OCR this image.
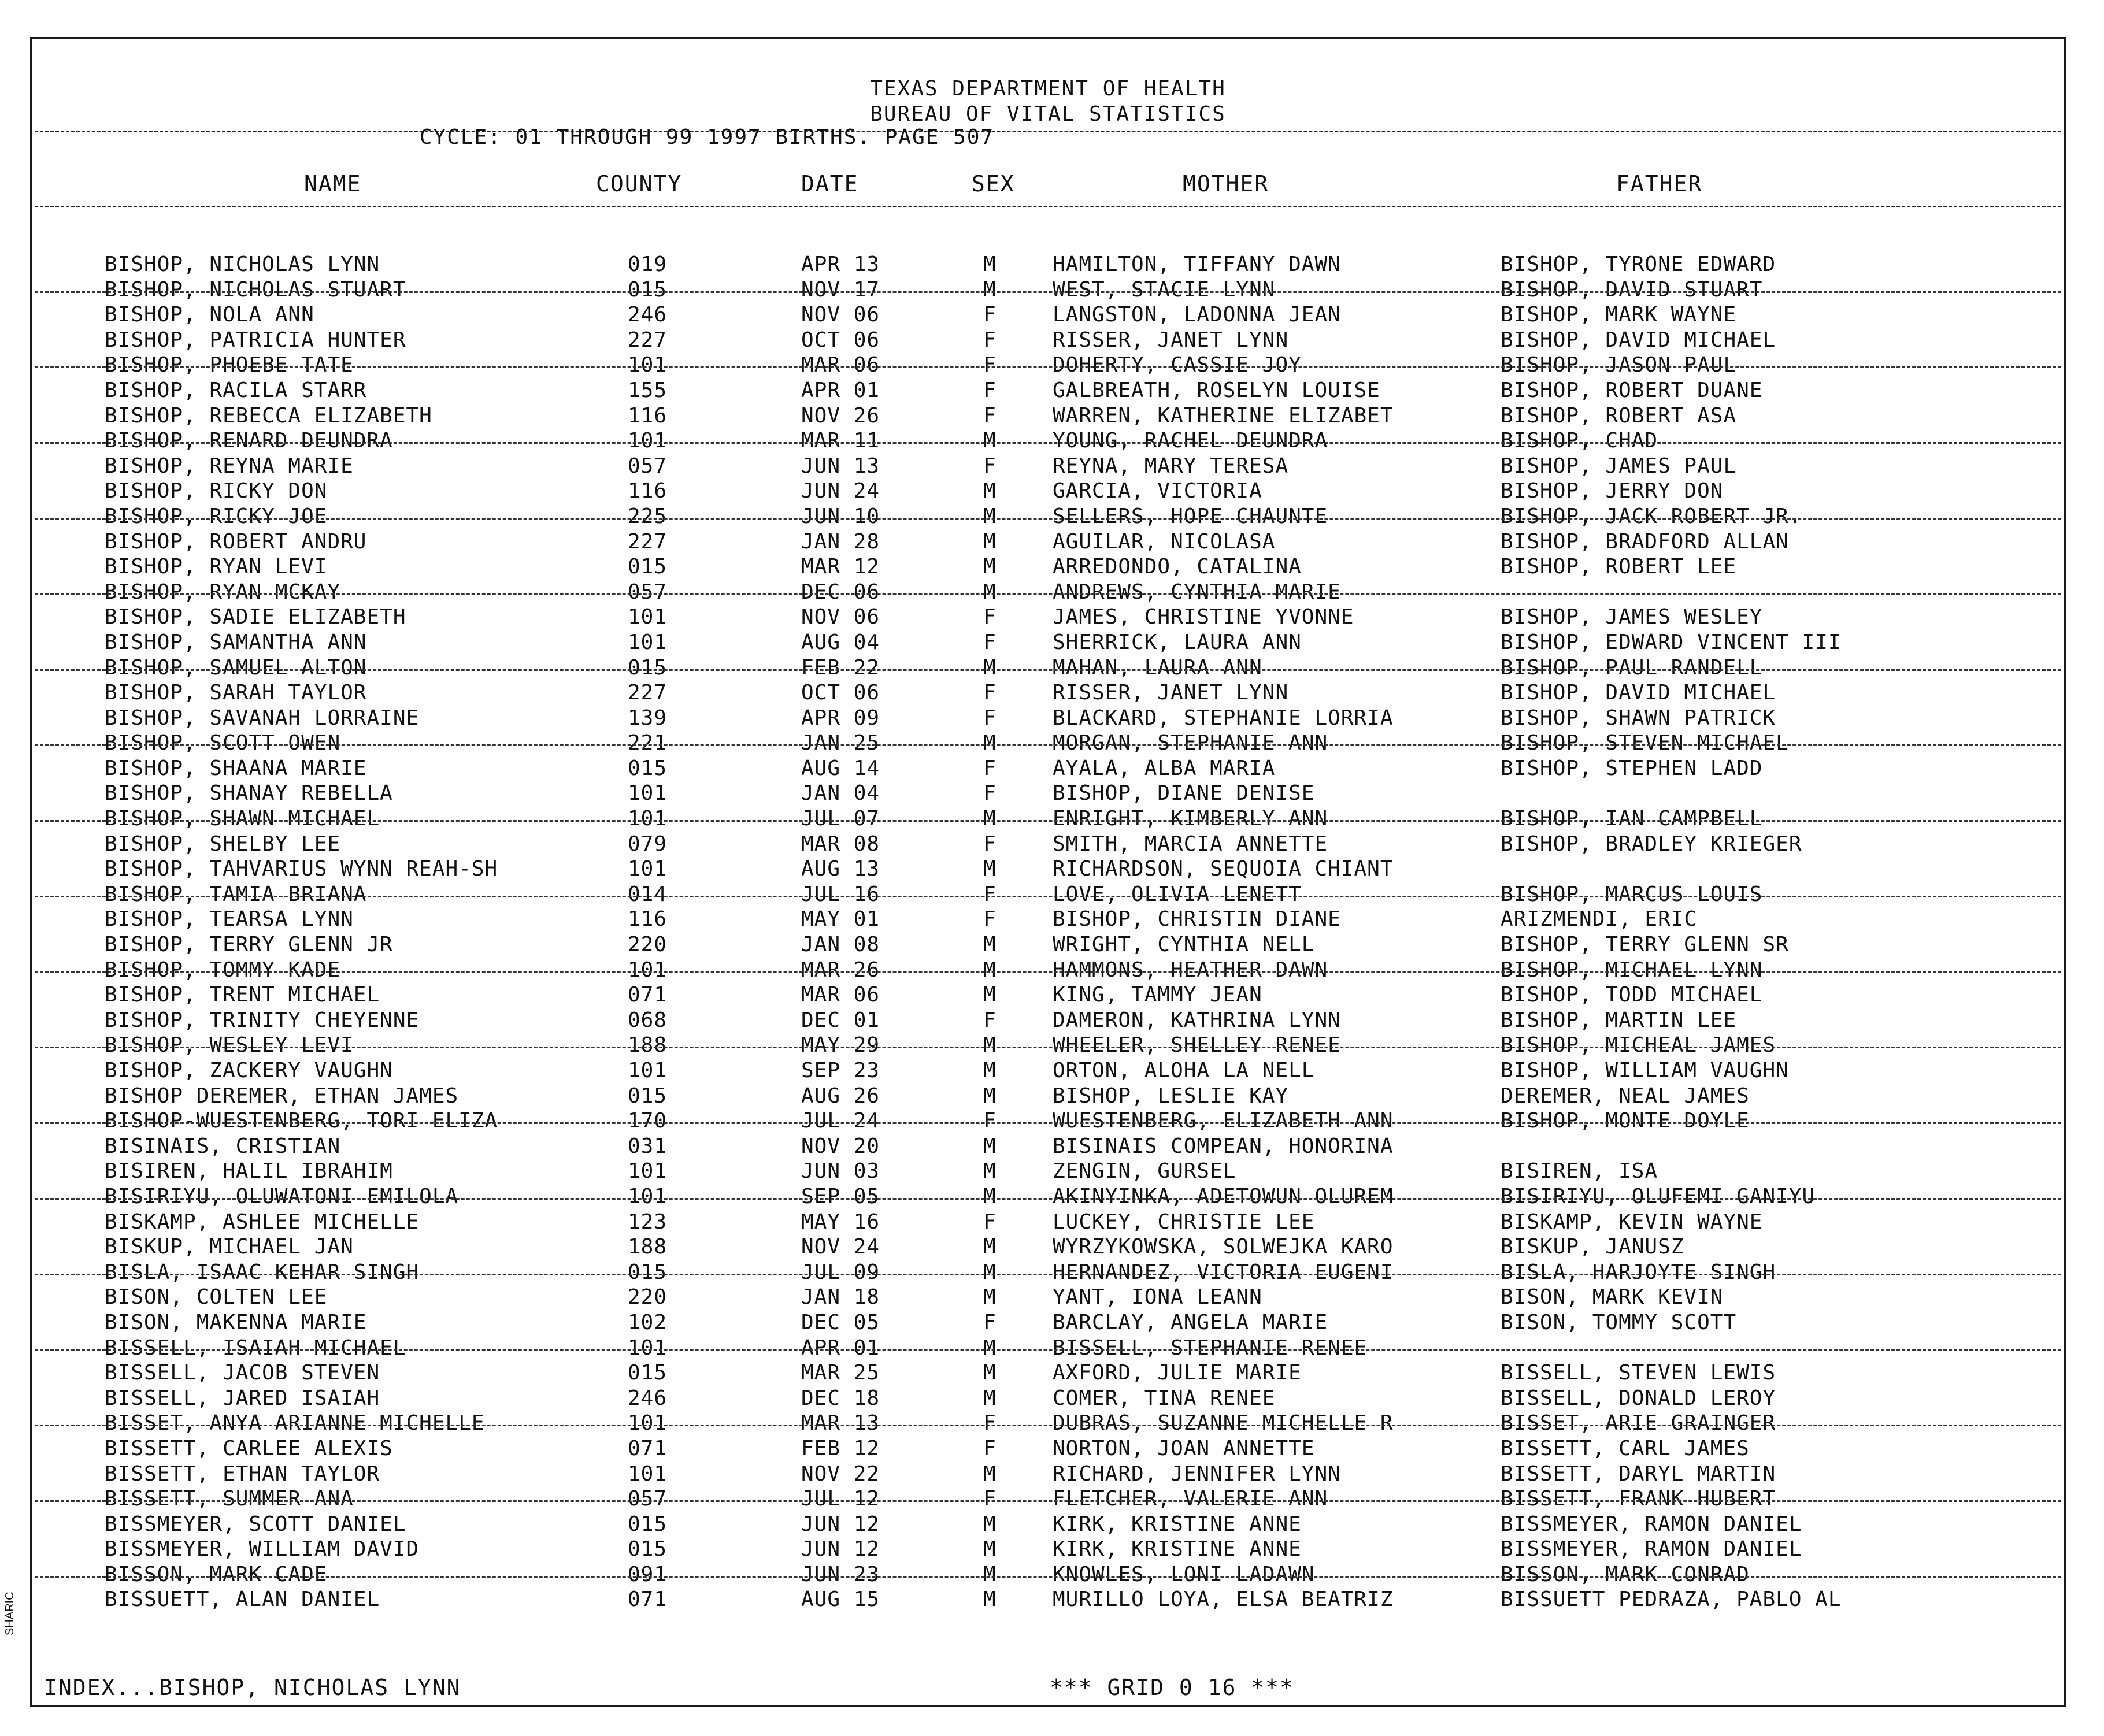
TEXAS DEPARTMENT OF HEALTH
BUREAU OF VITAL STATISTICS
CYCLE: 01 THROUGH 99 1997 BIRTHS. PAGE 507
NAME	COUNTY	DATE	SEX	MOTHER	FATHER
BISHOP, NICHOLAS LYNN	019	APR 13	M	HAMILTON, TIFFANY DAWN	BISHOP, TYRONE EDWARD
BISHOP, NICHOLAS STUART	015	NOV 17	M	WEST, STACIE LYNN	BISHOP, DAVID STUART
BISHOP, NOLA ANN	246	NOV 06	F	LANGSTON, LADONNA JEAN	BISHOP, MARK WAYNE
BISHOP, PATRICIA HUNTER	227	OCT 06	F	RISSER, JANET LYNN	BISHOP, DAVID MICHAEL
BISHOP, PHOEBE TATE	101	MAR 06	F	DOHERTY, CASSIE JOY	BISHOP, JASON PAUL
BISHOP, RACILA STARR	155	APR 01	F	GALBREATH, ROSELYN LOUISE	BISHOP, ROBERT DUANE
BISHOP, REBECCA ELIZABETH	116	NOV 26	F	WARREN, KATHERINE ELIZABET	BISHOP, ROBERT ASA
BISHOP, RENARD DEUNDRA	101	MAR 11	M	YOUNG, RACHEL DEUNDRA	BISHOP, CHAD
BISHOP, REYNA MARIE	057	JUN 13	F	REYNA, MARY TERESA	BISHOP, JAMES PAUL
BISHOP, RICKY DON	116	JUN 24	M	GARCIA, VICTORIA	BISHOP, JERRY DON
BISHOP, RICKY JOE	225	JUN 10	M	SELLERS, HOPE CHAUNTE	BISHOP, JACK ROBERT JR.
BISHOP, ROBERT ANDRU	227	JAN 28	M	AGUILAR, NICOLASA	BISHOP, BRADFORD ALLAN
BISHOP, RYAN LEVI	015	MAR 12	M	ARREDONDO, CATALINA	BISHOP, ROBERT LEE
BISHOP, RYAN MCKAY	057	DEC 06	M	ANDREWS, CYNTHIA MARIE
BISHOP, SADIE ELIZABETH	101	NOV 06	F	JAMES, CHRISTINE YVONNE	BISHOP, JAMES WESLEY
BISHOP, SAMANTHA ANN	101	AUG 04	F	SHERRICK, LAURA ANN	BISHOP, EDWARD VINCENT III
BISHOP, SAMUEL ALTON	015	FEB 22	M	MAHAN, LAURA ANN	BISHOP, PAUL RANDELL
BISHOP, SARAH TAYLOR	227	OCT 06	F	RISSER, JANET LYNN	BISHOP, DAVID MICHAEL
BISHOP, SAVANAH LORRAINE	139	APR 09	F	BLACKARD, STEPHANIE LORRIA	BISHOP, SHAWN PATRICK
BISHOP, SCOTT OWEN	221	JAN 25	M	MORGAN, STEPHANIE ANN	BISHOP, STEVEN MICHAEL
BISHOP, SHAANA MARIE	015	AUG 14	F	AYALA, ALBA MARIA	BISHOP, STEPHEN LADD
BISHOP, SHANAY REBELLA	101	JAN 04	F	BISHOP, DIANE DENISE
BISHOP, SHAWN MICHAEL	101	JUL 07	M	ENRIGHT, KIMBERLY ANN	BISHOP, IAN CAMPBELL
BISHOP, SHELBY LEE	079	MAR 08	F	SMITH, MARCIA ANNETTE	BISHOP, BRADLEY KRIEGER
BISHOP, TAHVARIUS WYNN REAH-SH	101	AUG 13	M	RICHARDSON, SEQUOIA CHIANT
BISHOP, TAMIA BRIANA	014	JUL 16	F	LOVE, OLIVIA LENETT	BISHOP, MARCUS LOUIS
BISHOP, TEARSA LYNN	116	MAY 01	F	BISHOP, CHRISTIN DIANE	ARIZMENDI, ERIC
BISHOP, TERRY GLENN JR	220	JAN 08	M	WRIGHT, CYNTHIA NELL	BISHOP, TERRY GLENN SR
BISHOP, TOMMY KADE	101	MAR 26	M	HAMMONS, HEATHER DAWN	BISHOP, MICHAEL LYNN
BISHOP, TRENT MICHAEL	071	MAR 06	M	KING, TAMMY JEAN	BISHOP, TODD MICHAEL
BISHOP, TRINITY CHEYENNE	068	DEC 01	F	DAMERON, KATHRINA LYNN	BISHOP, MARTIN LEE
BISHOP, WESLEY LEVI	188	MAY 29	M	WHEELER, SHELLEY RENEE	BISHOP, MICHEAL JAMES
BISHOP, ZACKERY VAUGHN	101	SEP 23	M	ORTON, ALOHA LA NELL	BISHOP, WILLIAM VAUGHN
BISHOP DEREMER, ETHAN JAMES	015	AUG 26	M	BISHOP, LESLIE KAY	DEREMER, NEAL JAMES
BISHOP-WUESTENBERG, TORI ELIZA	170	JUL 24	F	WUESTENBERG, ELIZABETH ANN	BISHOP, MONTE DOYLE
BISINAIS, CRISTIAN	031	NOV 20	M	BISINAIS COMPEAN, HONORINA
BISIREN, HALIL IBRAHIM	101	JUN 03	M	ZENGIN, GURSEL	BISIREN, ISA
BISIRIYU, OLUWATONI EMILOLA	101	SEP 05	M	AKINYINKA, ADETOWUN OLUREM	BISIRIYU, OLUFEMI GANIYU
BISKAMP, ASHLEE MICHELLE	123	MAY 16	F	LUCKEY, CHRISTIE LEE	BISKAMP, KEVIN WAYNE
BISKUP, MICHAEL JAN	188	NOV 24	M	WYRZYKOWSKA, SOLWEJKA KARO	BISKUP, JANUSZ
BISLA, ISAAC KEHAR SINGH	015	JUL 09	M	HERNANDEZ, VICTORIA EUGENI	BISLA, HARJOYTE SINGH
BISON, COLTEN LEE	220	JAN 18	M	YANT, IONA LEANN	BISON, MARK KEVIN
BISON, MAKENNA MARIE	102	DEC 05	F	BARCLAY, ANGELA MARIE	BISON, TOMMY SCOTT
BISSELL, ISAIAH MICHAEL	101	APR 01	M	BISSELL, STEPHANIE RENEE
BISSELL, JACOB STEVEN	015	MAR 25	M	AXFORD, JULIE MARIE	BISSELL, STEVEN LEWIS
BISSELL, JARED ISAIAH	246	DEC 18	M	COMER, TINA RENEE	BISSELL, DONALD LEROY
BISSET, ANYA ARIANNE MICHELLE	101	MAR 13	F	DUBRAS, SUZANNE MICHELLE R	BISSET, ARIE GRAINGER
BISSETT, CARLEE ALEXIS	071	FEB 12	F	NORTON, JOAN ANNETTE	BISSETT, CARL JAMES
BISSETT, ETHAN TAYLOR	101	NOV 22	M	RICHARD, JENNIFER LYNN	BISSETT, DARYL MARTIN
BISSETT, SUMMER ANA	057	JUL 12	F	FLETCHER, VALERIE ANN	BISSETT, FRANK HUBERT
BISSMEYER, SCOTT DANIEL	015	JUN 12	M	KIRK, KRISTINE ANNE	BISSMEYER, RAMON DANIEL
BISSMEYER, WILLIAM DAVID	015	JUN 12	M	KIRK, KRISTINE ANNE	BISSMEYER, RAMON DANIEL
BISSON, MARK CADE	091	JUN 23	M	KNOWLES, LONI LADAWN	BISSON, MARK CONRAD
BISSUETT, ALAN DANIEL	071	AUG 15	M	MURILLO LOYA, ELSA BEATRIZ	BISSUETT PEDRAZA, PABLO AL
INDEX...BISHOP, NICHOLAS LYNN	*** GRID 0 16 ***
SHARIC
